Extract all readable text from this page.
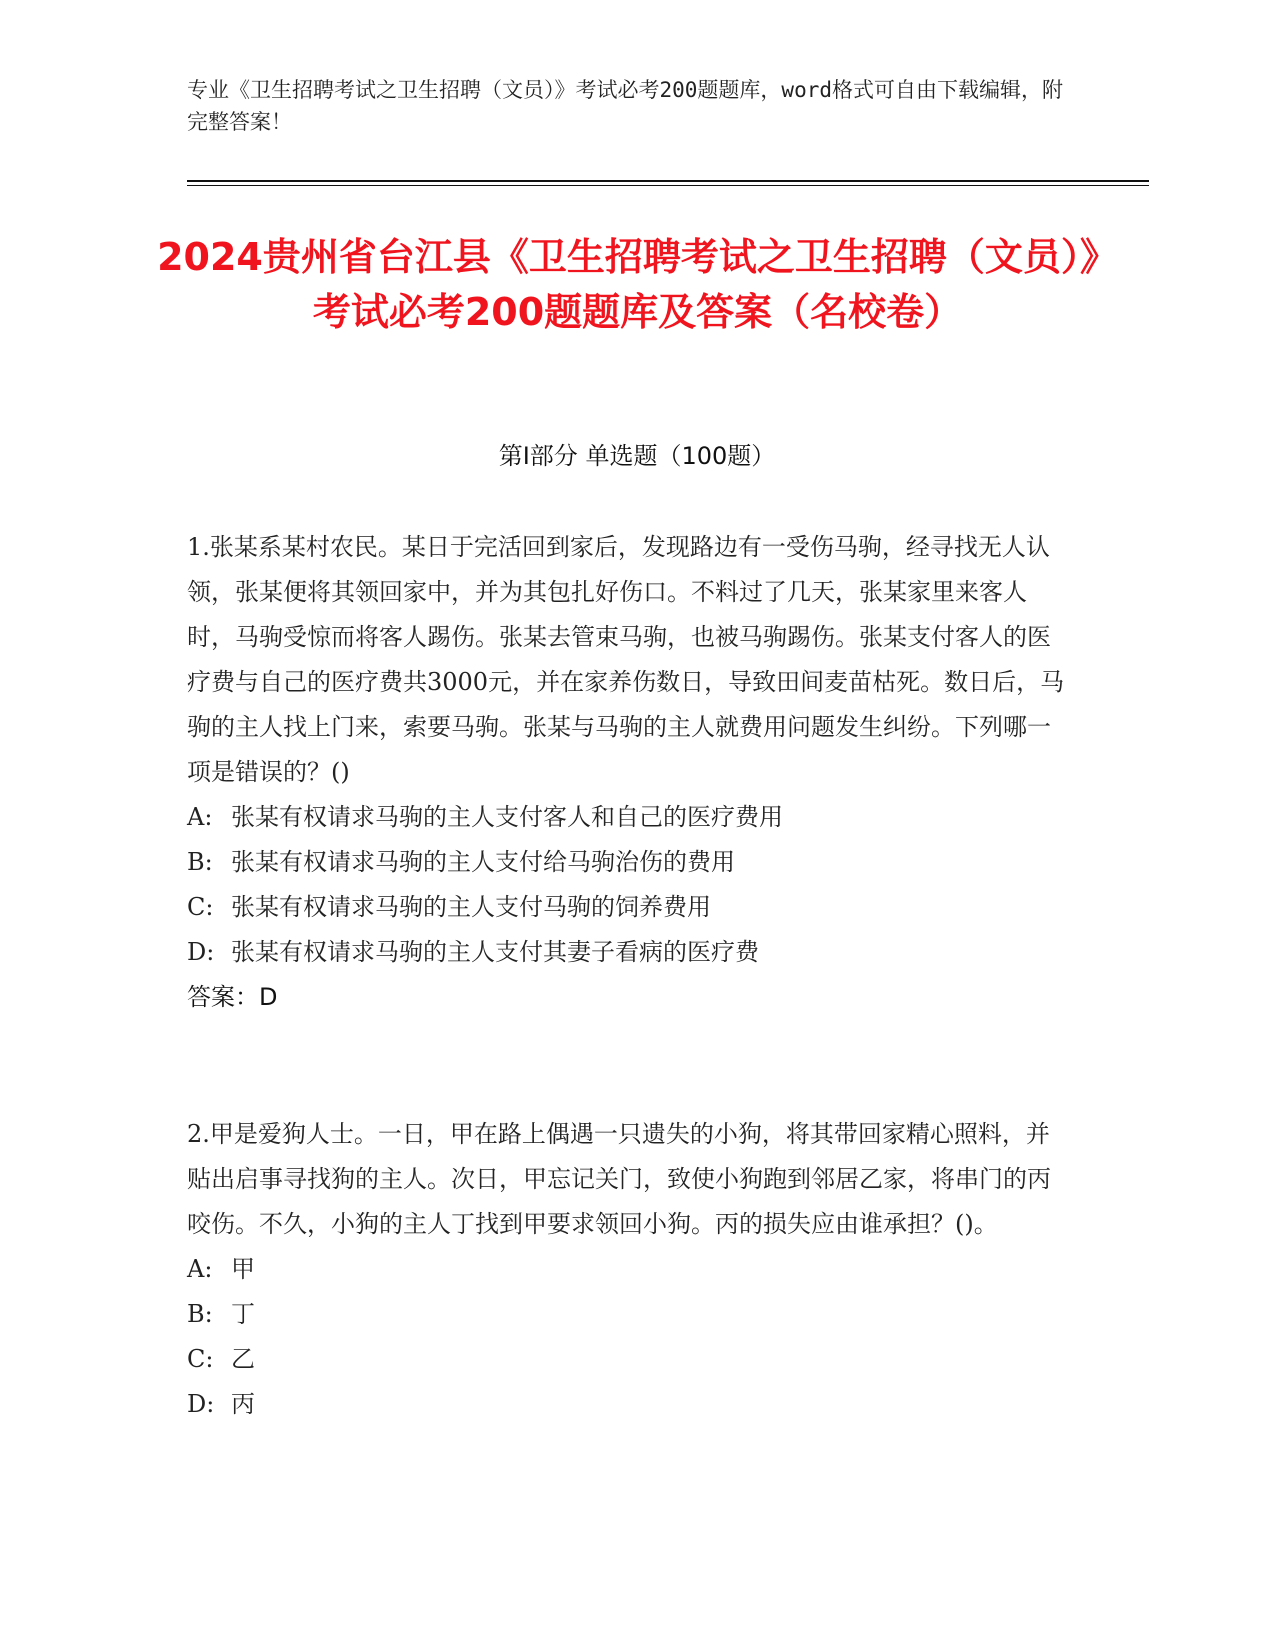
专业《卫生招聘考试之卫生招聘（文员）》考试必考200题题库，word格式可自由下载编辑，附完整答案！
2024贵州省台江县《卫生招聘考试之卫生招聘（文员）》考试必考200题题库及答案（名校卷）
第Ⅰ部分 单选题（100题）

1.张某系某村农民。某日于完活回到家后，发现路边有一受伤马驹，经寻找无人认领，张某便将其领回家中，并为其包扎好伤口。不料过了几天，张某家里来客人时，马驹受惊而将客人踢伤。张某去管束马驹，也被马驹踢伤。张某支付客人的医疗费与自己的医疗费共3000元，并在家养伤数日，导致田间麦苗枯死。数日后，马驹的主人找上门来，索要马驹。张某与马驹的主人就费用问题发生纠纷。下列哪一项是错误的？()

A: 张某有权请求马驹的主人支付客人和自己的医疗费用

B: 张某有权请求马驹的主人支付给马驹治伤的费用

C: 张某有权请求马驹的主人支付马驹的饲养费用

D: 张某有权请求马驹的主人支付其妻子看病的医疗费

答案：D

2.甲是爱狗人士。一日，甲在路上偶遇一只遗失的小狗，将其带回家精心照料，并贴出启事寻找狗的主人。次日，甲忘记关门，致使小狗跑到邻居乙家，将串门的丙咬伤。不久，小狗的主人丁找到甲要求领回小狗。丙的损失应由谁承担？()。

A: 甲

B: 丁

C: 乙

D: 丙
